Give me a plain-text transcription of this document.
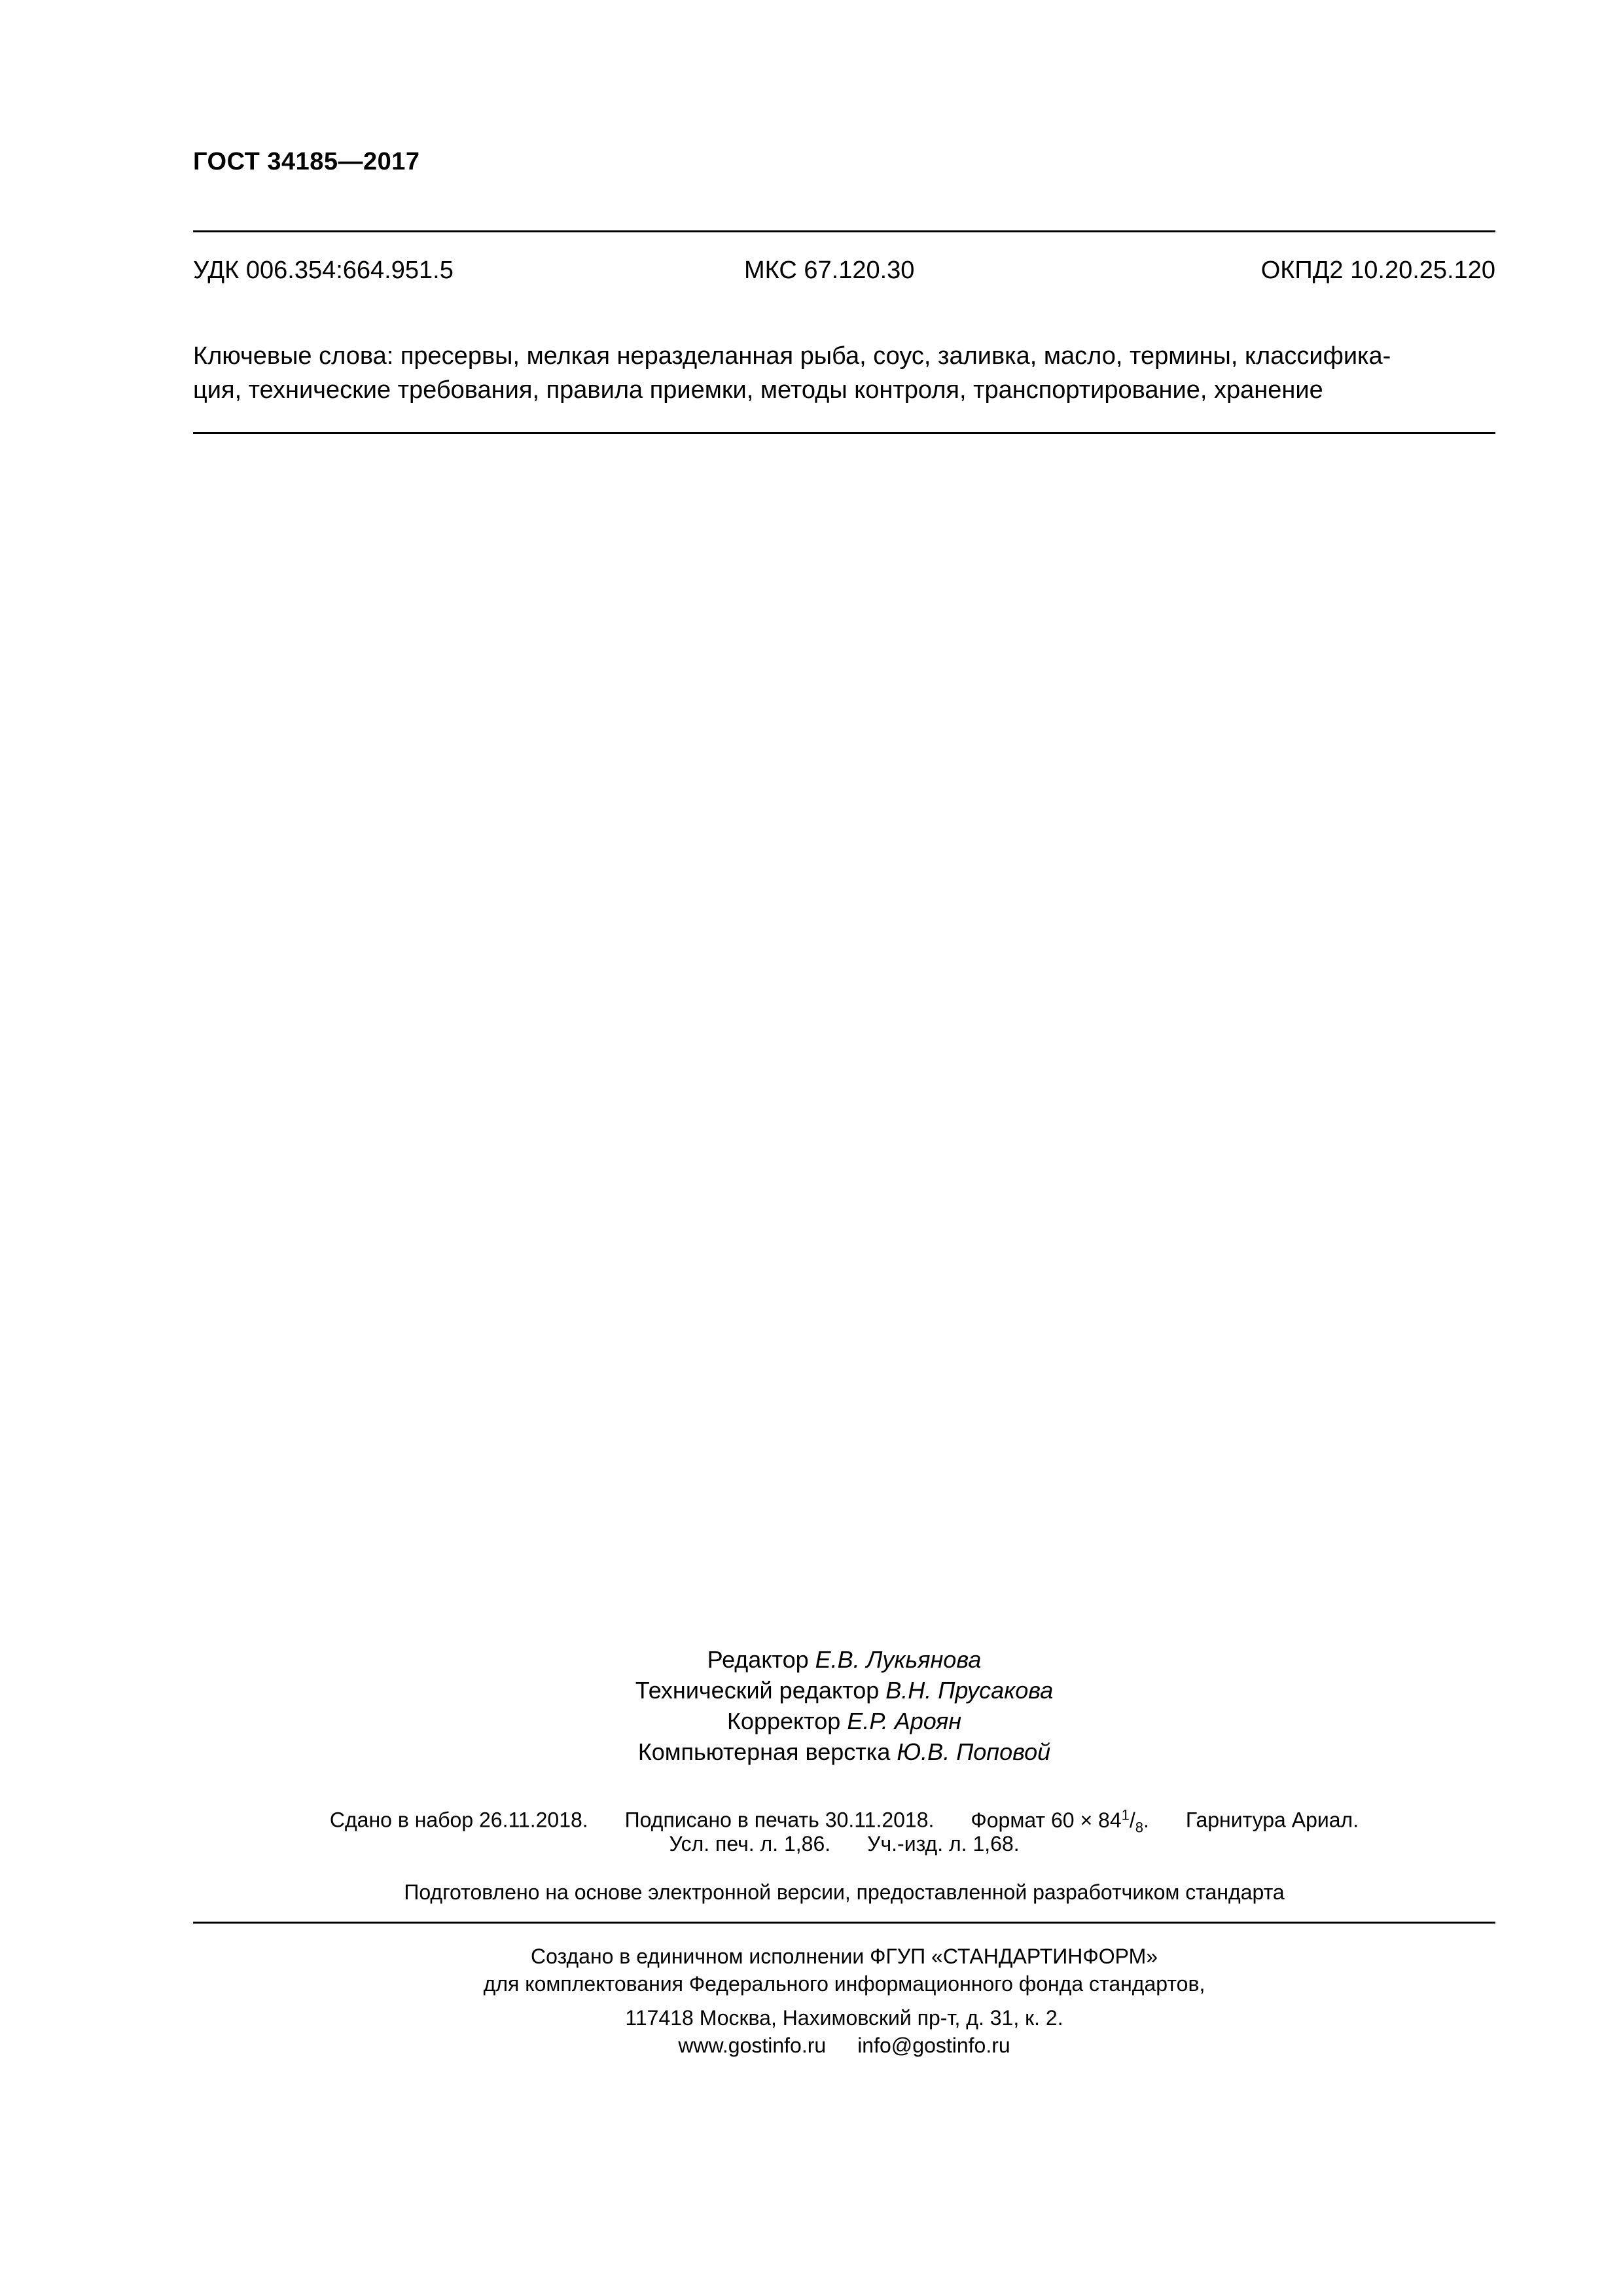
ГОСТ 34185—2017
УДК 006.354:664.951.5	МКС 67.120.30	ОКПД2 10.20.25.120
Ключевые слова: пресервы, мелкая неразделанная рыба, соус, заливка, масло, термины, классифика-
ция, технические требования, правила приемки, методы контроля, транспортирование, хранение
Редактор Е.В. Лукьянова
Технический редактор В.Н. Прусакова
Корректор Е.Р. Ароян
Компьютерная верстка Ю.В. Поповой
Сдано в набор 26.11.2018. Подписано в печать 30.11.2018. Формат $60 \times 84^1/_8$. Гарнитура Ариал.
Усл. печ. л. 1,86. Уч.-изд. л. 1,68.
Подготовлено на основе электронной версии, предоставленной разработчиком стандарта
Создано в единичном исполнении ФГУП «СТАНДАРТИНФОРМ»
для комплектования Федерального информационного фонда стандартов,
117418 Москва, Нахимовский пр-т, д. 31, к. 2.
www.gostinfo.ru info@gostinfo.ru
